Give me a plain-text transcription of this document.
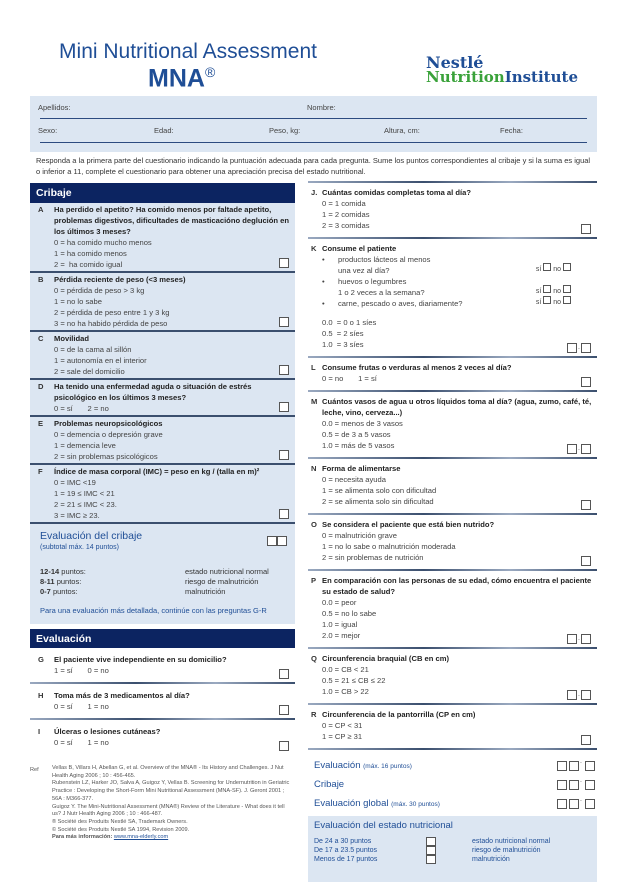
Mini Nutritional Assessment
MNA®	Nestlé
NutritionInstitute
Apellidos:	Nombre:
Sexo:	Edad:	Peso, kg:	Altura, cm:	Fecha:
Responda a la primera parte del cuestionario indicando la puntuación adecuada para cada pregunta. Sume los puntos correspondientes al cribaje y si la suma es igual o inferior a 11, complete el cuestionario para obtener una apreciación precisa del estado nutritional.
Cribaje
A Ha perdido el apetito? Ha comido menos por faltade apetito, problemas digestivos, dificultades de masticacióno deglución en los últimos 3 meses?
0 = ha comido mucho menos
1 = ha comido menos
2 =  ha comido igual
B Pérdida reciente de peso (<3 meses)
0 = pérdida de peso > 3 kg
1 = no lo sabe
2 = pérdida de peso entre 1 y 3 kg
3 = no ha habido pérdida de peso
C Movilidad
0 = de la cama al sillón
1 = autonomía en el interior
2 = sale del domicilio
D Ha tenido una enfermedad aguda o situación de estrés psicológico en los últimos 3 meses?
0 = sí       2 = no
E Problemas neuropsicológicos
0 = demencia o depresión grave
1 = demencia leve
2 = sin problemas psicológicos
F Índice de masa corporal (IMC) = peso en kg / (talla en m)²
0 = IMC <19
1 = 19 ≤ IMC < 21
2 = 21 ≤ IMC < 23.
3 = IMC ≥ 23.
Evaluación del cribaje
(subtotal máx. 14 puntos)
12-14 puntos:	estado nutricional normal
8-11 puntos:	riesgo de malnutrición
0-7 puntos:	malnutrición
Para una evaluación más detallada, continúe con las preguntas G-R
Evaluación
G El paciente vive independiente en su domicilio?
1 = sí       0 = no
H Toma más de 3 medicamentos al día?
0 = sí       1 = no
I Úlceras o lesiones cutáneas?
0 = sí       1 = no
Ref Vellas B, Villars H, Abellan G, et al. Overview of the MNA® - Its History and Challenges. J Nut Health Aging 2006 ; 10 : 456-465.
Rubenstein LZ, Harker JO, Salva A, Guigoz Y, Vellas B. Screening for Undernutrition in Geriatric Practice : Developing the Short-Form Mini Nutritional Assessment (MNA-SF). J. Geront 2001 ; 56A : M366-377.
Guigoz Y. The Mini-Nutritional Assessment (MNA®) Review of the Literature - What does it tell us? J Nutr Health Aging 2006 ; 10 : 466-487.
® Société des Produits Nestlé SA, Trademark Owners.
© Société des Produits Nestlé SA 1994, Revision 2009.
Para más información: www.mna-elderly.com
J. Cuántas comidas completas toma al día?
0 = 1 comida
1 = 2 comidas
2 = 3 comidas
K Consume el patiente
• productos lácteos al menos
una vez al día?	sí no
• huevos o legumbres
1 o 2 veces a la semana?	sí no
• carne, pescado o aves, diariamente?	sí no
0.0  = 0 o 1 síes
0.5  = 2 síes
1.0  = 3 síes	.
L Consume frutas o verduras al menos 2 veces al día?
0 = no       1 = sí
M Cuántos vasos de agua u otros líquidos toma al día? (agua, zumo, café, té, leche, vino, cerveza...)
0.0 = menos de 3 vasos
0.5 = de 3 a 5 vasos
1.0 = más de 5 vasos	.
N Forma de alimentarse
0 = necesita ayuda
1 = se alimenta solo con dificultad
2 = se alimenta solo sin dificultad
O Se considera el paciente que está bien nutrido?
0 = malnutrición grave
1 = no lo sabe o malnutrición moderada
2 = sin problemas de nutrición
P En comparación con las personas de su edad, cómo encuentra el paciente su estado de salud?
0.0 = peor
0.5 = no lo sabe
1.0 = igual
2.0 = mejor	.
Q Circunferencia braquial (CB en cm)
0.0 = CB < 21
0.5 = 21 ≤ CB ≤ 22
1.0 = CB > 22	.
R Circunferencia de la pantorrilla (CP en cm)
0 = CP < 31
1 = CP ≥ 31
Evaluación (máx. 16 puntos)
.
Cribaje	.
Evaluación global (máx. 30 puntos)
.
Evaluación del estado nutricional
De 24 a 30 puntos	estado nutricional normal
De 17 a 23.5 puntos	riesgo de malnutrición
Menos de 17 puntos	malnutrición
